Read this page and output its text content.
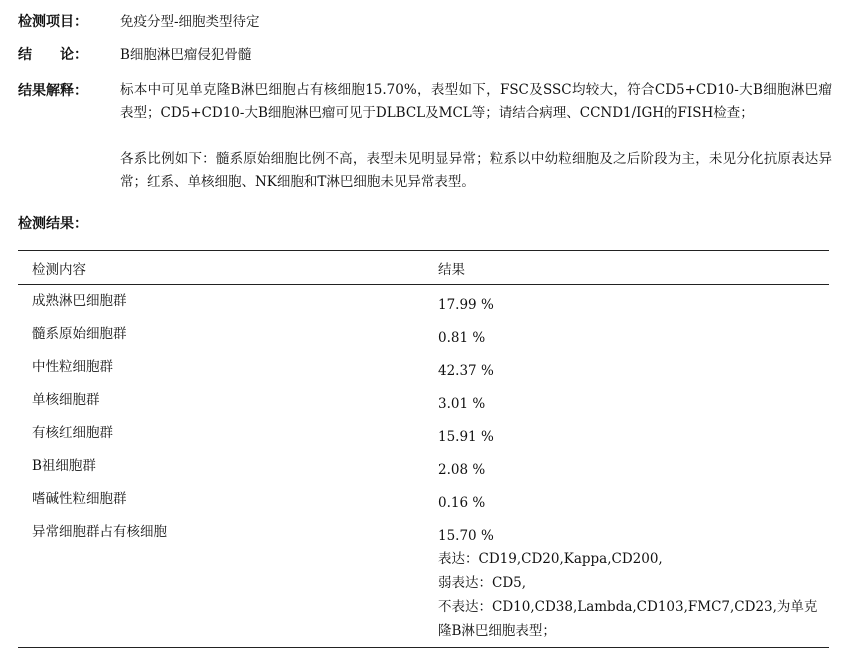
检测项目： 免疫分型-细胞类型待定
结　　论： B细胞淋巴瘤侵犯骨髓
结果解释： 标本中可见单克隆B淋巴细胞占有核细胞15.70%，表型如下，FSC及SSC均较大，符合CD5+CD10-大B细胞淋巴瘤表型；CD5+CD10-大B细胞淋巴瘤可见于DLBCL及MCL等；请结合病理、CCND1/IGH的FISH检查；
各系比例如下：髓系原始细胞比例不高，表型未见明显异常；粒系以中幼粒细胞及之后阶段为主，未见分化抗原表达异常；红系、单核细胞、NK细胞和T淋巴细胞未见异常表型。
检测结果：
检测内容	结果
成熟淋巴细胞群	17.99 %
髓系原始细胞群	0.81 %
中性粒细胞群	42.37 %
单核细胞群	3.01 %
有核红细胞群	15.91 %
B祖细胞群	2.08 %
嗜碱性粒细胞群	0.16 %
异常细胞群占有核细胞	15.70 %
表达：CD19,CD20,Kappa,CD200,
弱表达：CD5,
不表达：CD10,CD38,Lambda,CD103,FMC7,CD23,为单克隆B淋巴细胞表型；
